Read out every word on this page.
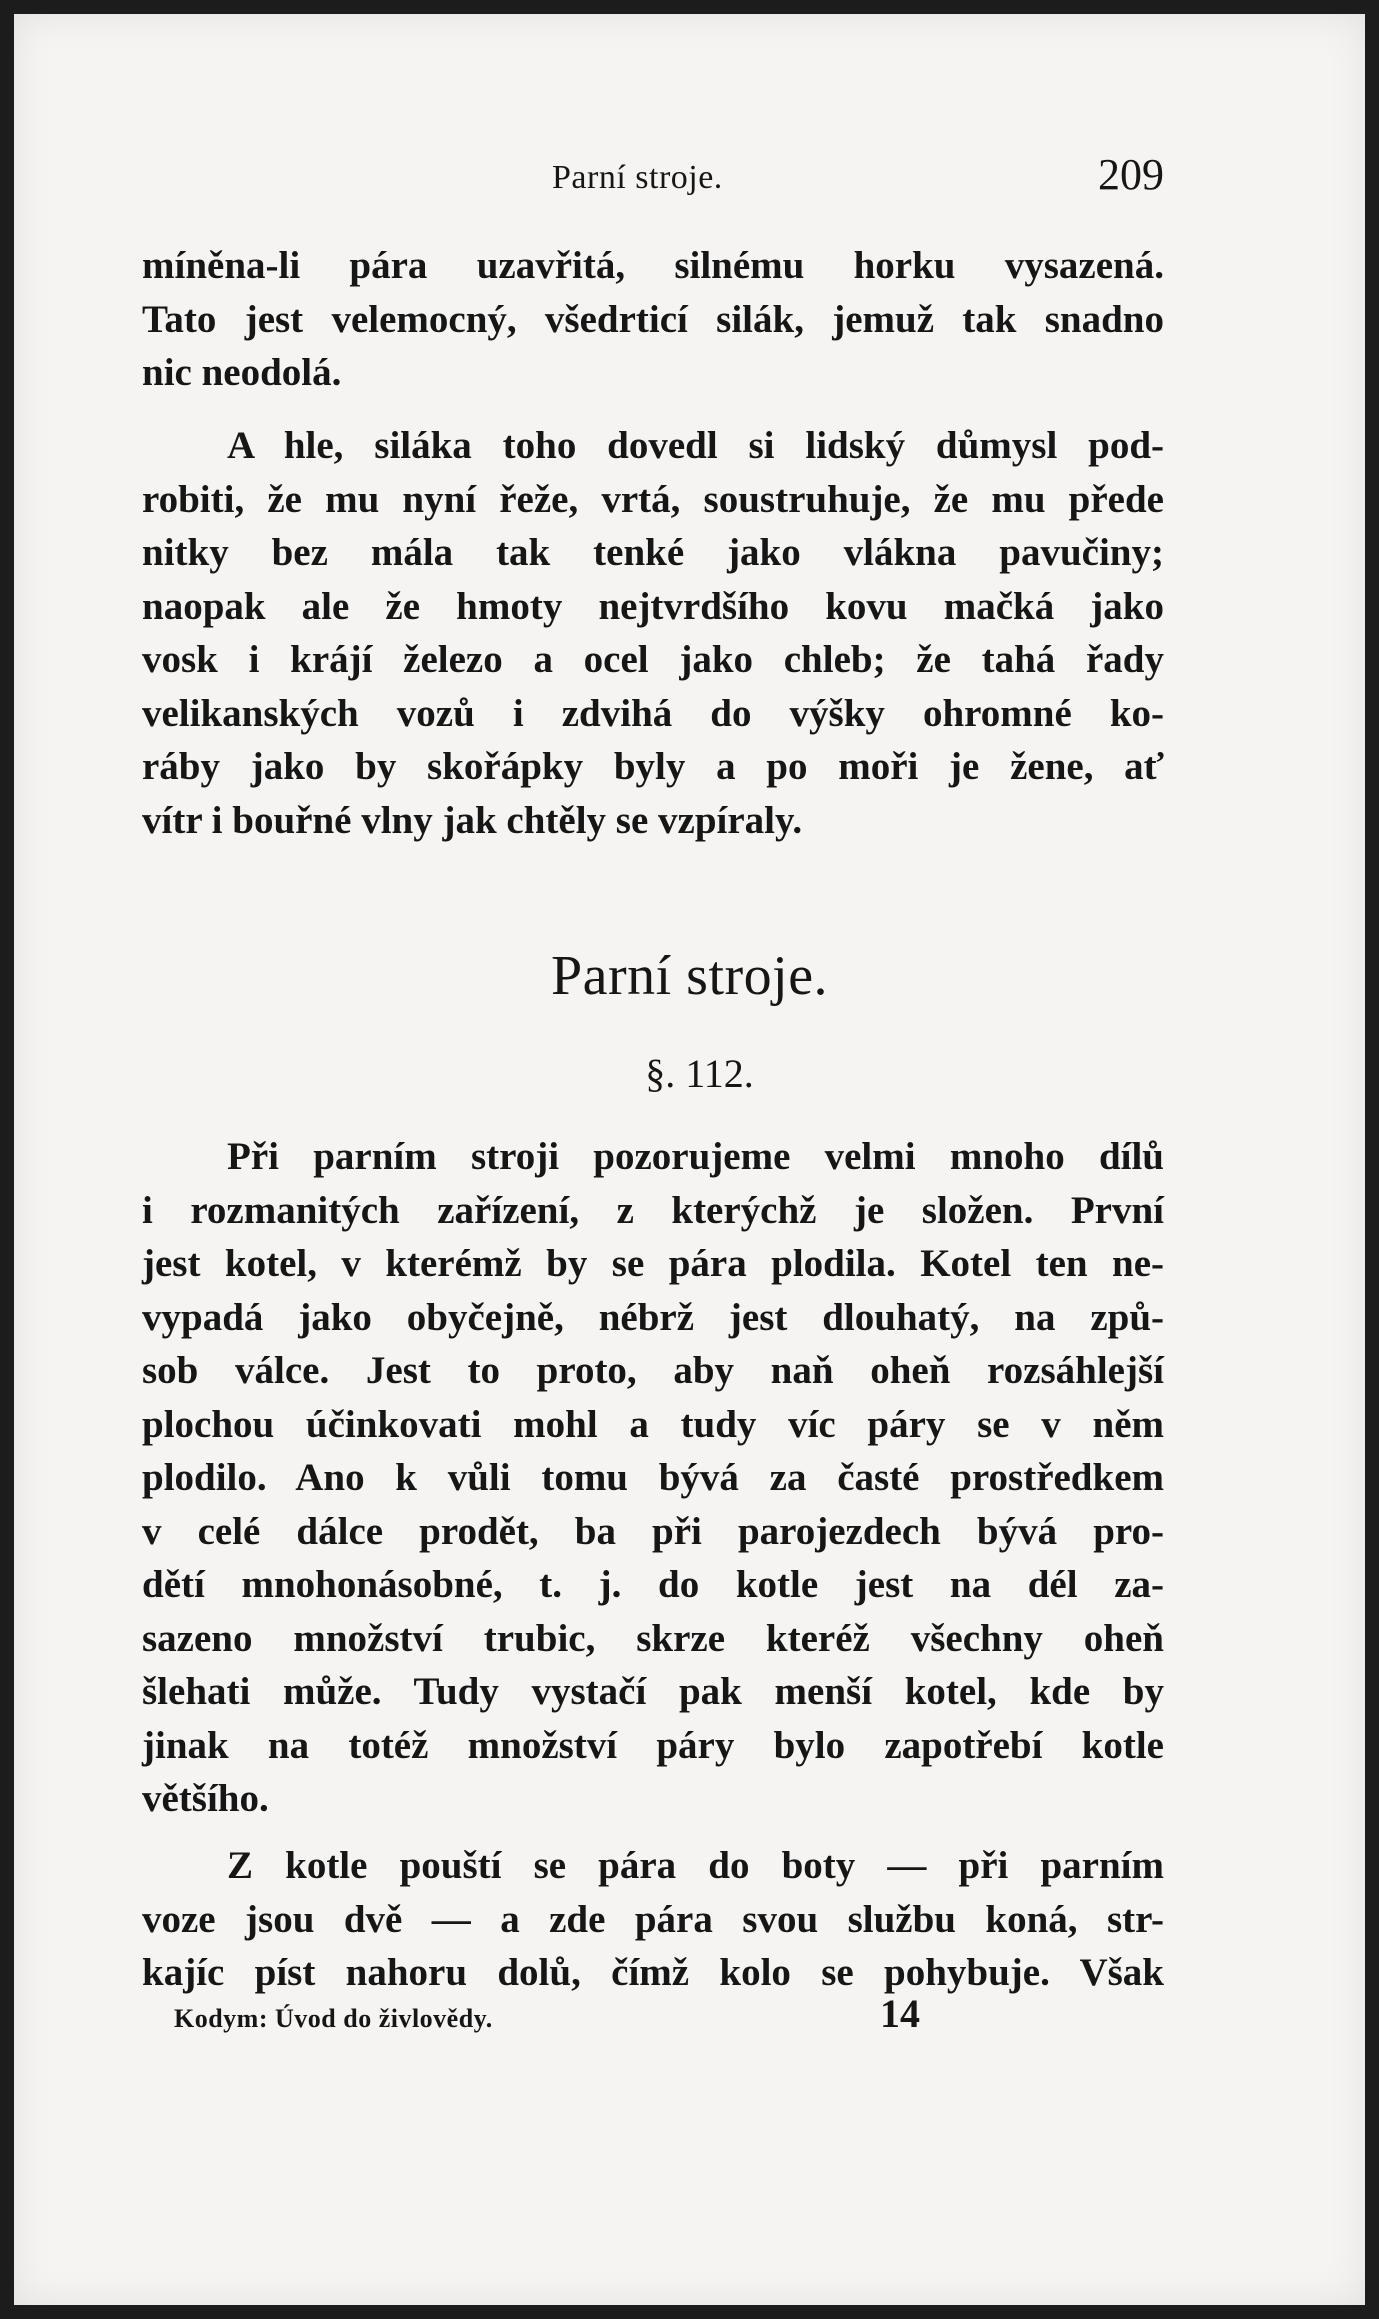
Parní stroje.	209
míněna-li pára uzavřitá, silnému horku vysazená.
Tato jest velemocný, všedrticí silák, jemuž tak snadno
nic neodolá.
A hle, siláka toho dovedl si lidský důmysl pod-
robiti, že mu nyní řeže, vrtá, soustruhuje, že mu přede
nitky bez mála tak tenké jako vlákna pavučiny;
naopak ale že hmoty nejtvrdšího kovu mačká jako
vosk i krájí železo a ocel jako chleb; že tahá řady
velikanských vozů i zdvihá do výšky ohromné ko-
ráby jako by skořápky byly a po moři je žene, ať
vítr i bouřné vlny jak chtěly se vzpíraly.
Parní stroje.
§. 112.
Při parním stroji pozorujeme velmi mnoho dílů
i rozmanitých zařízení, z kterýchž je složen. První
jest kotel, v kterémž by se pára plodila. Kotel ten ne-
vypadá jako obyčejně, nébrž jest dlouhatý, na způ-
sob válce. Jest to proto, aby naň oheň rozsáhlejší
plochou účinkovati mohl a tudy víc páry se v něm
plodilo. Ano k vůli tomu bývá za časté prostředkem
v celé dálce prodět, ba při parojezdech bývá pro-
dětí mnohonásobné, t. j. do kotle jest na dél za-
sazeno množství trubic, skrze kteréž všechny oheň
šlehati může. Tudy vystačí pak menší kotel, kde by
jinak na totéž množství páry bylo zapotřebí kotle
většího.
Z kotle pouští se pára do boty — při parním
voze jsou dvě — a zde pára svou službu koná, str-
kajíc píst nahoru dolů, čímž kolo se pohybuje. Však
Kodym: Úvod do živlovědy.	14
